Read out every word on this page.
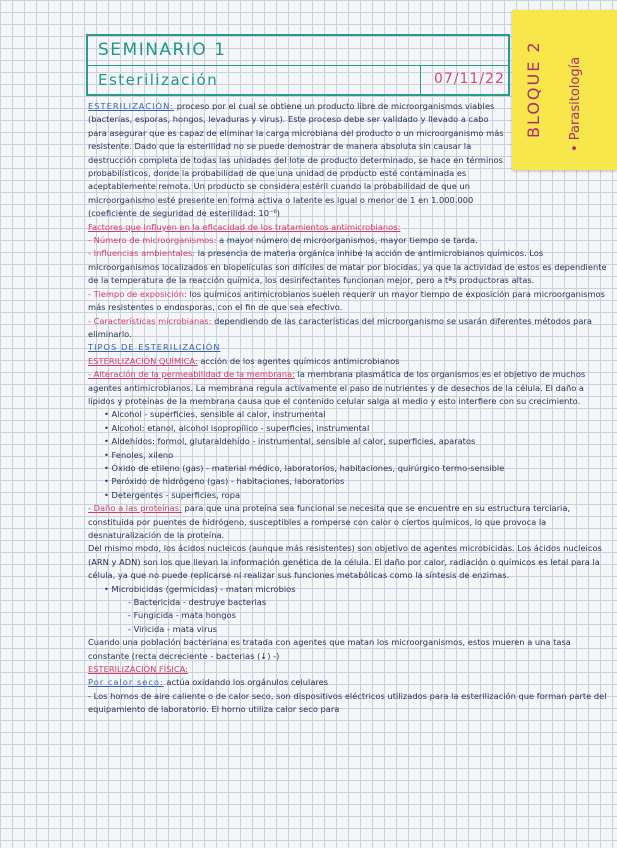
SEMINARIO 1
Esterilización	07/11/22 BLOQUE 2 • Parasitología

ESTERILIZACIÓN: proceso por el cual se obtiene un producto libre de microorganismos viables (bacterias, esporas, hongos, levaduras y virus). Este proceso debe ser validado y llevado a cabo para asegurar que es capaz de eliminar la carga microbiana del producto o un microorganismo más resistente. Dado que la esterilidad no se puede demostrar de manera absoluta sin causar la destrucción completa de todas las unidades del lote de producto determinado, se hace en términos probabilísticos, donde la probabilidad de que una unidad de producto esté contaminada es aceptablemente remota. Un producto se considera estéril cuando la probabilidad de que un microorganismo esté presente en forma activa o latente es igual o menor de 1 en 1.000.000 (coeficiente de seguridad de esterilidad: 10⁻⁶)

Factores que influyen en la eficacidad de los tratamientos antimicrobianos:

- Número de microorganismos: a mayor número de microorganismos, mayor tiempo se tarda.

- Influencias ambientales: la presencia de materia orgánica inhibe la acción de antimicrobianos químicos. Los microorganismos localizados en biopelículas son difíciles de matar por biocidas, ya que la actividad de estos es dependiente de la temperatura de la reacción química, los desinfectantes funcionan mejor, pero a tªs productoras altas.

- Tiempo de exposición: los químicos antimicrobianos suelen requerir un mayor tiempo de exposición para microorganismos más resistentes o endosporas, con el fin de que sea efectivo.

- Características microbianas: dependiendo de las características del microorganismo se usarán diferentes métodos para eliminarlo.

TIPOS DE ESTERILIZACIÓN

ESTERILIZACIÓN QUÍMICA: acción de los agentes químicos antimicrobianos

- Alteración de la permeabilidad de la membrana: la membrana plasmática de los organismos es el objetivo de muchos agentes antimicrobianos. La membrana regula activamente el paso de nutrientes y de desechos de la célula. El daño a lípidos y proteínas de la membrana causa que el contenido celular salga al medio y esto interfiere con su crecimiento.

• Alcohol - superficies, sensible al calor, instrumental

• Alcohol: etanol, alcohol isopropílico - superficies, instrumental

• Aldehídos: formol, glutaraldehído - instrumental, sensible al calor, superficies, aparatos

• Fenoles, xileno

• Óxido de etileno (gas) - material médico, laboratorios, habitaciones, quirúrgico termo-sensible

• Peróxido de hidrógeno (gas) - habitaciones, laboratorios

• Detergentes - superficies, ropa

- Daño a las proteínas: para que una proteína sea funcional se necesita que se encuentre en su estructura terciaria, constituida por puentes de hidrógeno, susceptibles a romperse con calor o ciertos químicos, lo que provoca la desnaturalización de la proteína.

Del mismo modo, los ácidos nucleicos (aunque más resistentes) son objetivo de agentes microbicidas. Los ácidos nucleicos (ARN y ADN) son los que llevan la información genética de la célula. El daño por calor, radiación o químicos es letal para la célula, ya que no puede replicarse ni realizar sus funciones metabólicas como la síntesis de enzimas.

• Microbicidas (germicidas) - matan microbios

- Bactericida - destruye bacterias

- Fungicida - mata hongos

- Viricida - mata virus

Cuando una población bacteriana es tratada con agentes que matan los microorganismos, estos mueren a una tasa constante (recta decreciente - bacterias (↓) -)

ESTERILIZACIÓN FÍSICA:

Por calor seco: actúa oxidando los orgánulos celulares

- Los hornos de aire caliente o de calor seco, son dispositivos eléctricos utilizados para la esterilización que forman parte del equipamiento de laboratorio. El horno utiliza calor seco para
